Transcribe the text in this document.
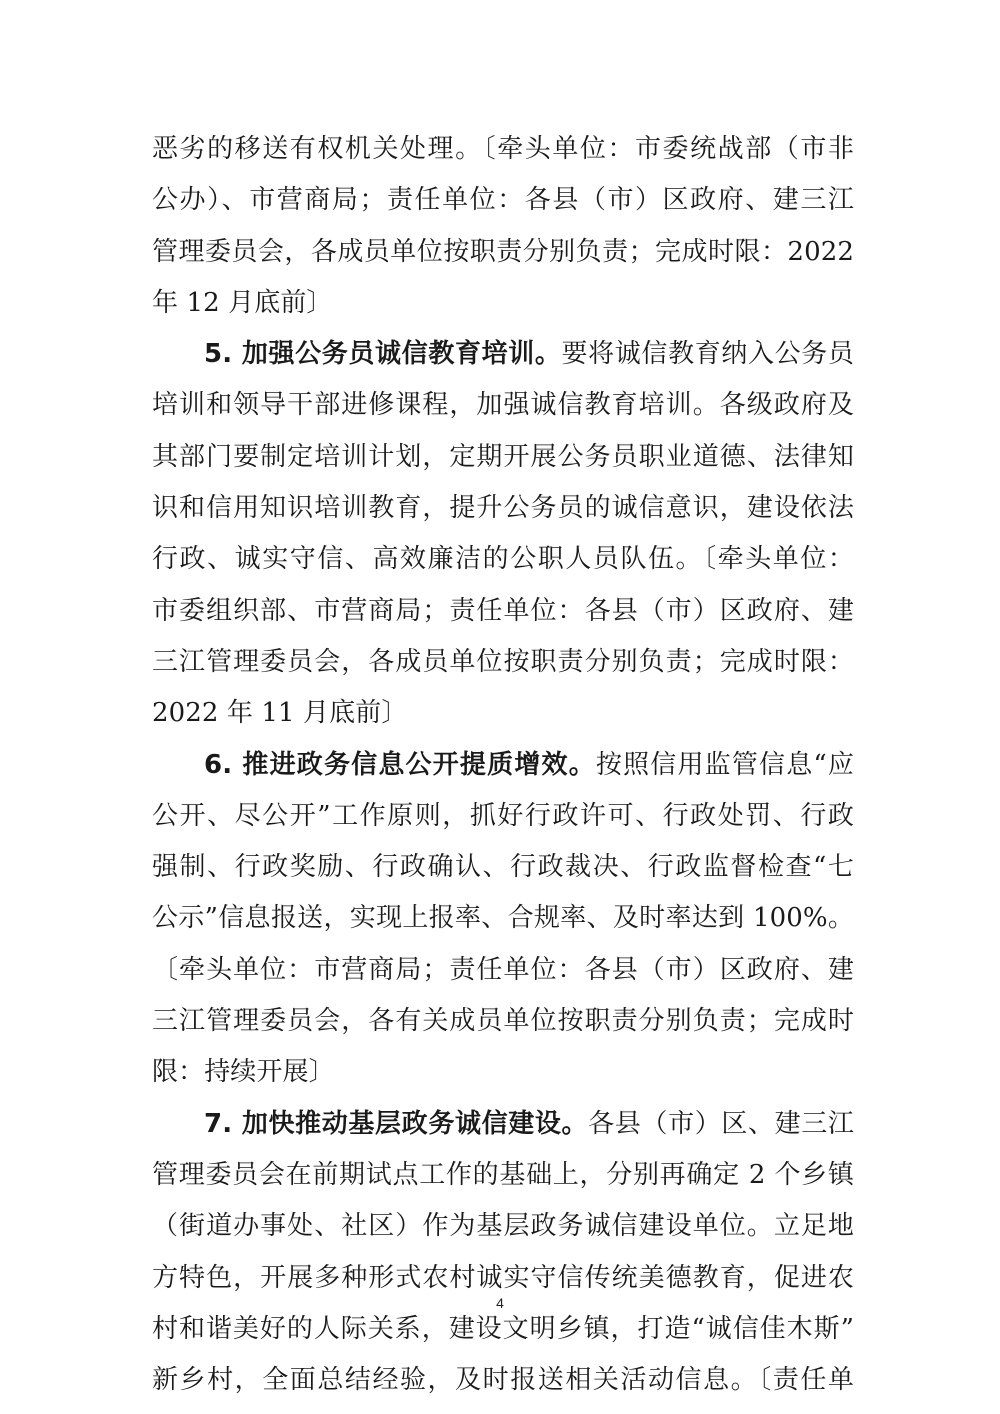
恶劣的移送有权机关处理。〔牵头单位：市委统战部（市非
公办）、市营商局；责任单位：各县（市）区政府、建三江
管理委员会，各成员单位按职责分别负责；完成时限：2022
年 12 月底前〕
5. 加强公务员诚信教育培训。要将诚信教育纳入公务员
培训和领导干部进修课程，加强诚信教育培训。各级政府及
其部门要制定培训计划，定期开展公务员职业道德、法律知
识和信用知识培训教育，提升公务员的诚信意识，建设依法
行政、诚实守信、高效廉洁的公职人员队伍。〔牵头单位：
市委组织部、市营商局；责任单位：各县（市）区政府、建
三江管理委员会，各成员单位按职责分别负责；完成时限：
2022 年 11 月底前〕
6. 推进政务信息公开提质增效。按照信用监管信息“应
公开、尽公开”工作原则，抓好行政许可、行政处罚、行政
强制、行政奖励、行政确认、行政裁决、行政监督检查“七
公示”信息报送，实现上报率、合规率、及时率达到 100%。
〔牵头单位：市营商局；责任单位：各县（市）区政府、建
三江管理委员会，各有关成员单位按职责分别负责；完成时
限：持续开展〕
7. 加快推动基层政务诚信建设。各县（市）区、建三江
管理委员会在前期试点工作的基础上，分别再确定 2 个乡镇
（街道办事处、社区）作为基层政务诚信建设单位。立足地
方特色，开展多种形式农村诚实守信传统美德教育，促进农
村和谐美好的人际关系，建设文明乡镇，打造“诚信佳木斯”
新乡村，全面总结经验，及时报送相关活动信息。〔责任单
4
